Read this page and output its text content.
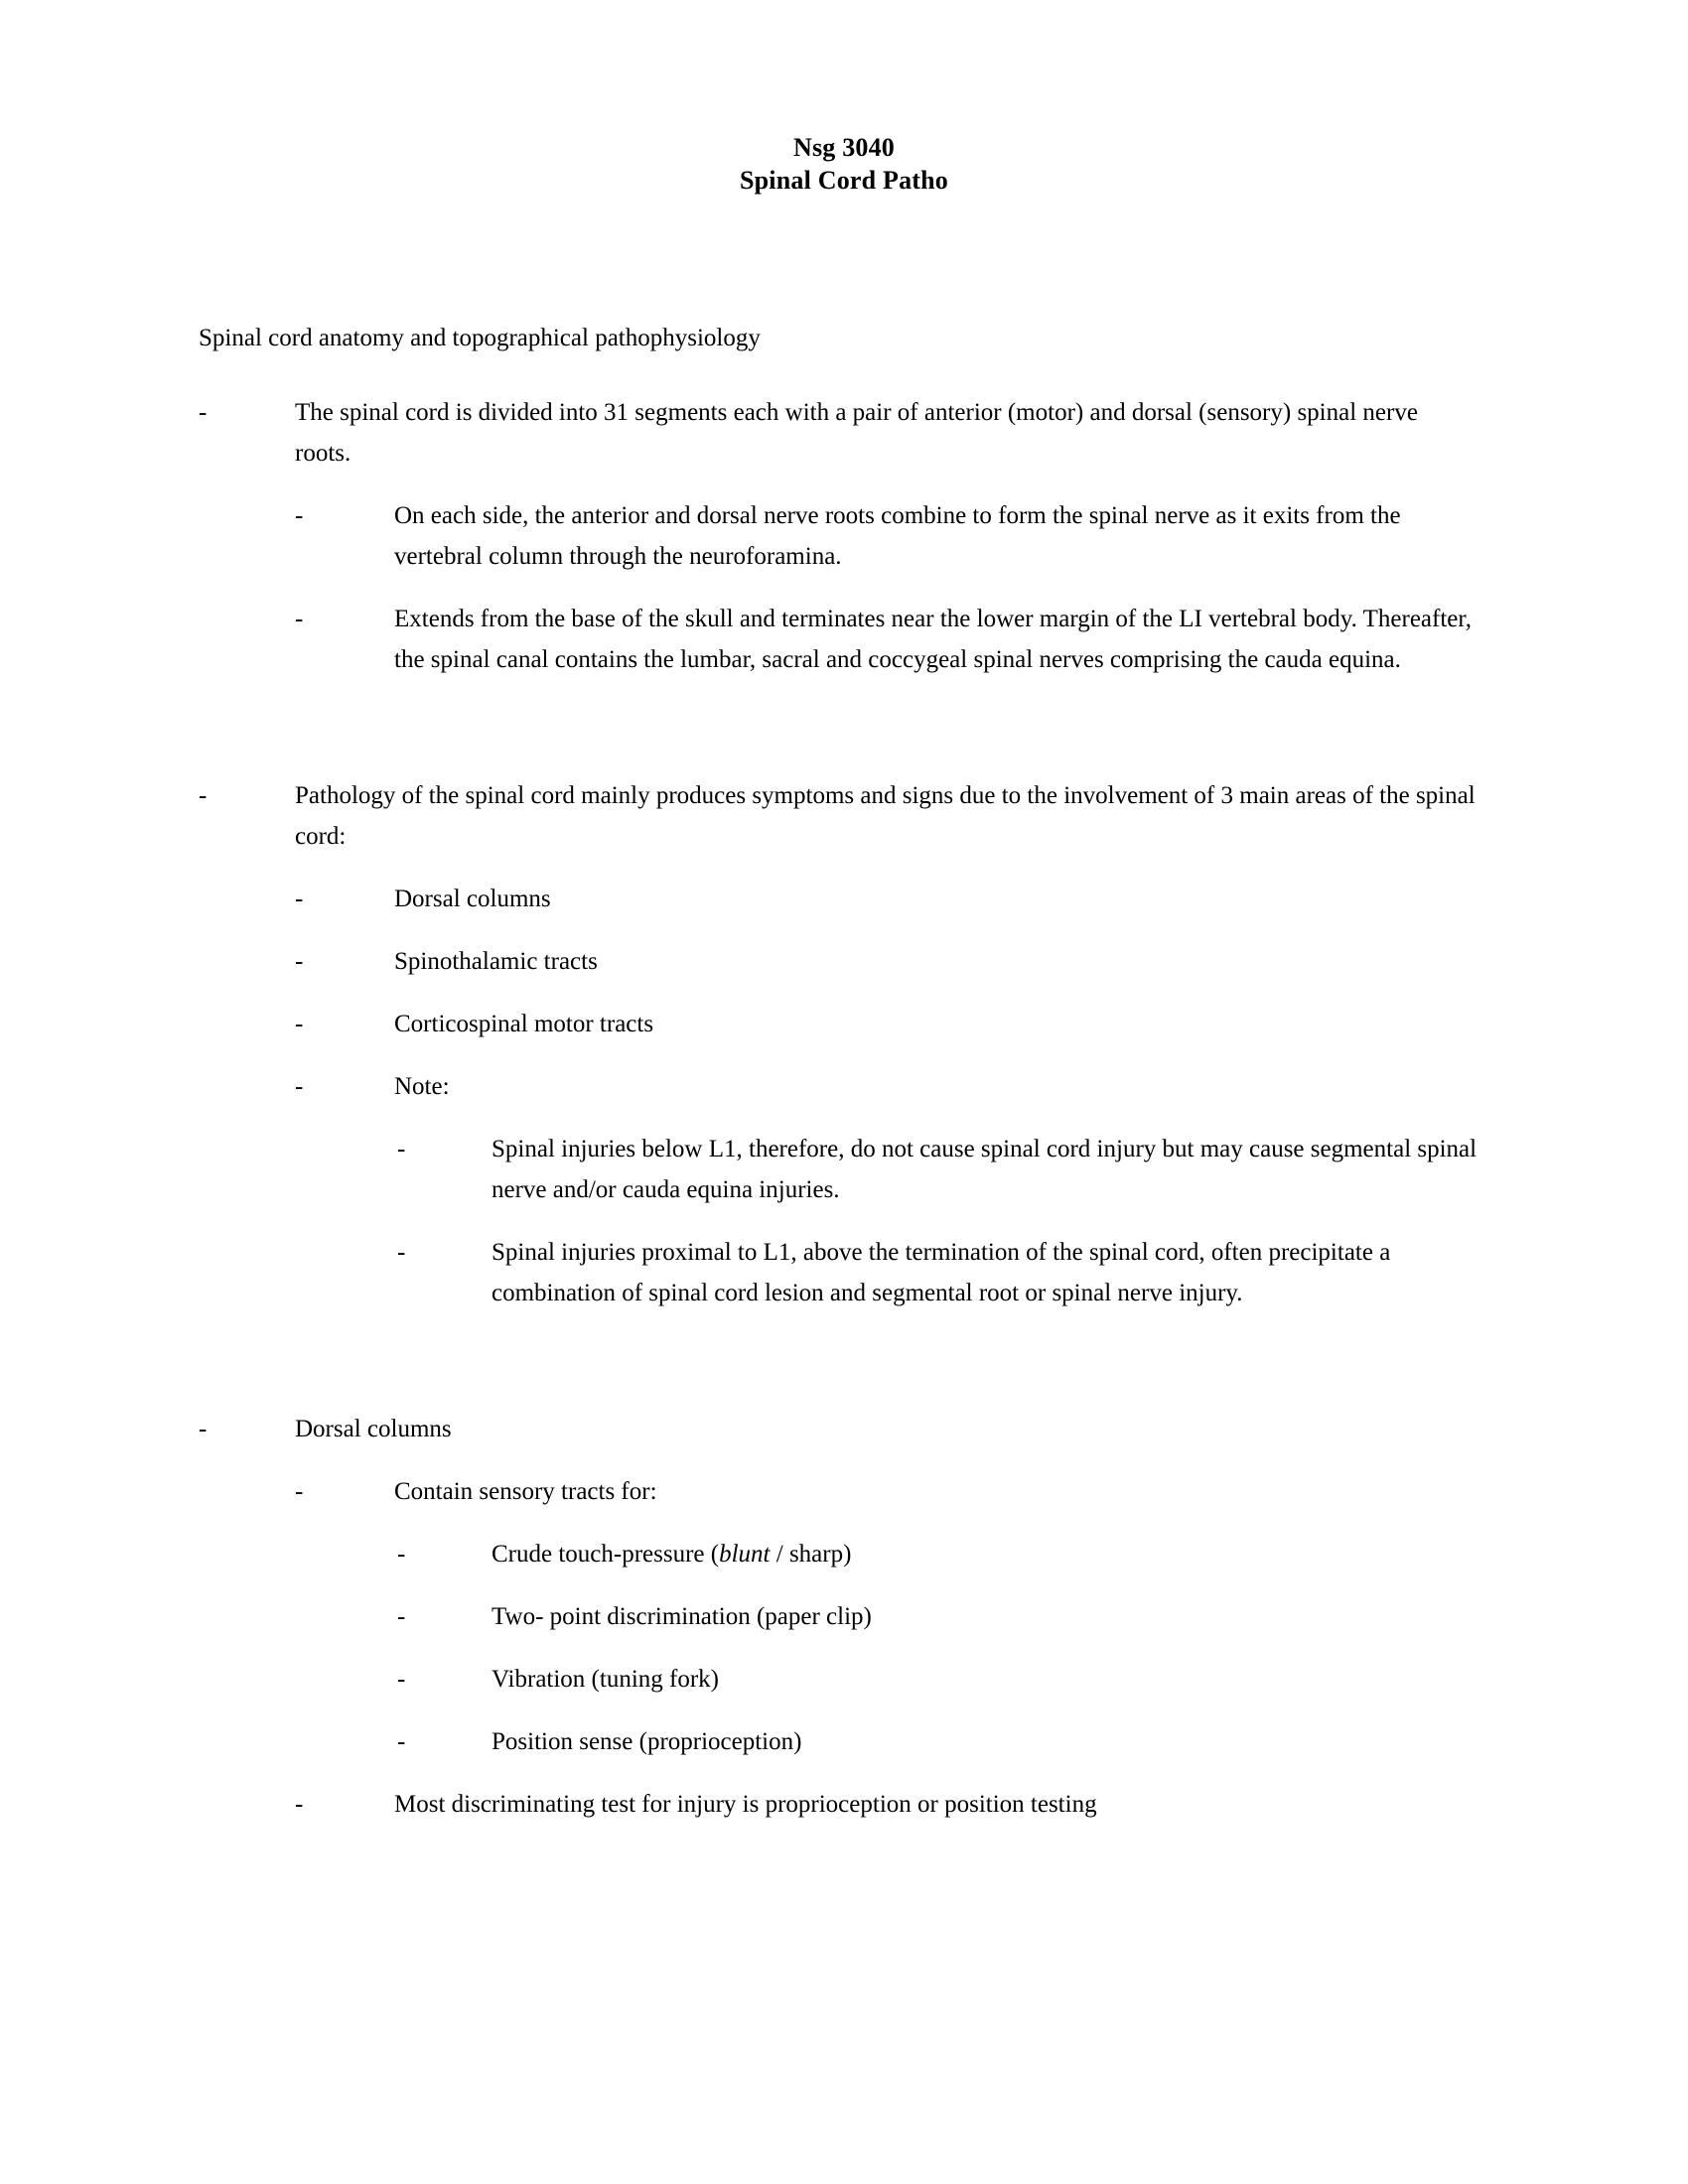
Nsg 3040
Spinal Cord Patho
Spinal cord anatomy and topographical pathophysiology
-	The spinal cord is divided into 31 segments each with a pair of anterior (motor) and dorsal (sensory) spinal nerve roots.
-	On each side, the anterior and dorsal nerve roots combine to form the spinal nerve as it exits from the vertebral column through the neuroforamina.
-	Extends from the base of the skull and terminates near the lower margin of the LI vertebral body. Thereafter, the spinal canal contains the lumbar, sacral and coccygeal spinal nerves comprising the cauda equina.
-	Pathology of the spinal cord mainly produces symptoms and signs due to the involvement of 3 main areas of the spinal cord:
-	Dorsal columns
-	Spinothalamic tracts
-	Corticospinal motor tracts
-	Note:
-	Spinal injuries below L1, therefore, do not cause spinal cord injury but may cause segmental spinal nerve and/or cauda equina injuries.
-	Spinal injuries proximal to L1, above the termination of the spinal cord, often precipitate a combination of spinal cord lesion and segmental root or spinal nerve injury.
-	Dorsal columns
-	Contain sensory tracts for:
-	Crude touch-pressure (blunt / sharp)
-	Two- point discrimination (paper clip)
-	Vibration (tuning fork)
-	Position sense (proprioception)
-	Most discriminating test for injury is proprioception or position testing
